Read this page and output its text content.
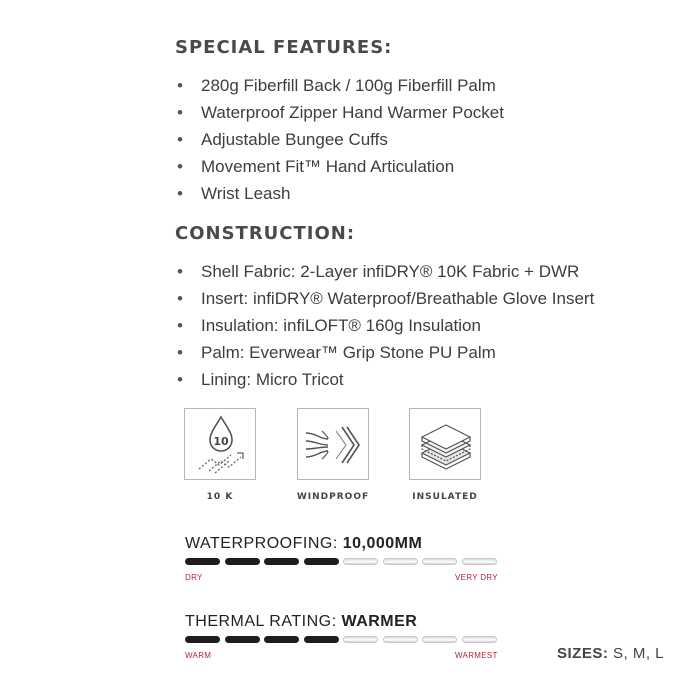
SPECIAL FEATURES:
• 280g Fiberfill Back / 100g Fiberfill Palm
• Waterproof Zipper Hand Warmer Pocket
• Adjustable Bungee Cuffs
• Movement Fit™ Hand Articulation
• Wrist Leash
CONSTRUCTION:
• Shell Fabric: 2-Layer infiDRY® 10K Fabric + DWR
• Insert: infiDRY® Waterproof/Breathable Glove Insert
• Insulation: infiLOFT® 160g Insulation
• Palm: Everwear™ Grip Stone PU Palm
• Lining: Micro Tricot
10
10 K	WINDPROOF	INSULATED
WATERPROOFING: 10,000MM
DRY	VERY DRY
THERMAL RATING: WARMER
WARM	WARMEST	SIZES: S, M, L
